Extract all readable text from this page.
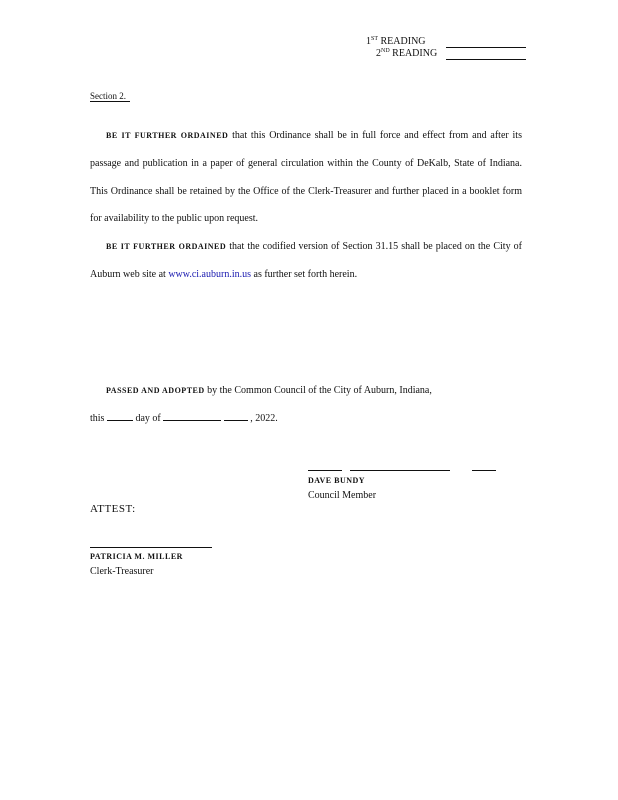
1ST READING
2ND READING
Section 2.

BE IT FURTHER ORDAINED that this Ordinance shall be in full force and effect from and after its passage and publication in a paper of general circulation within the County of DeKalb, State of Indiana. This Ordinance shall be retained by the Office of the Clerk-Treasurer and further placed in a booklet form for availability to the public upon request.

BE IT FURTHER ORDAINED that the codified version of Section 31.15 shall be placed on the City of Auburn web site at www.ci.auburn.in.us as further set forth herein.

PASSED AND ADOPTED by the Common Council of the City of Auburn, Indiana,

this	day of	, 2022.

DAVE BUNDY
Council Member
ATTEST:
PATRICIA M. MILLER
Clerk-Treasurer
